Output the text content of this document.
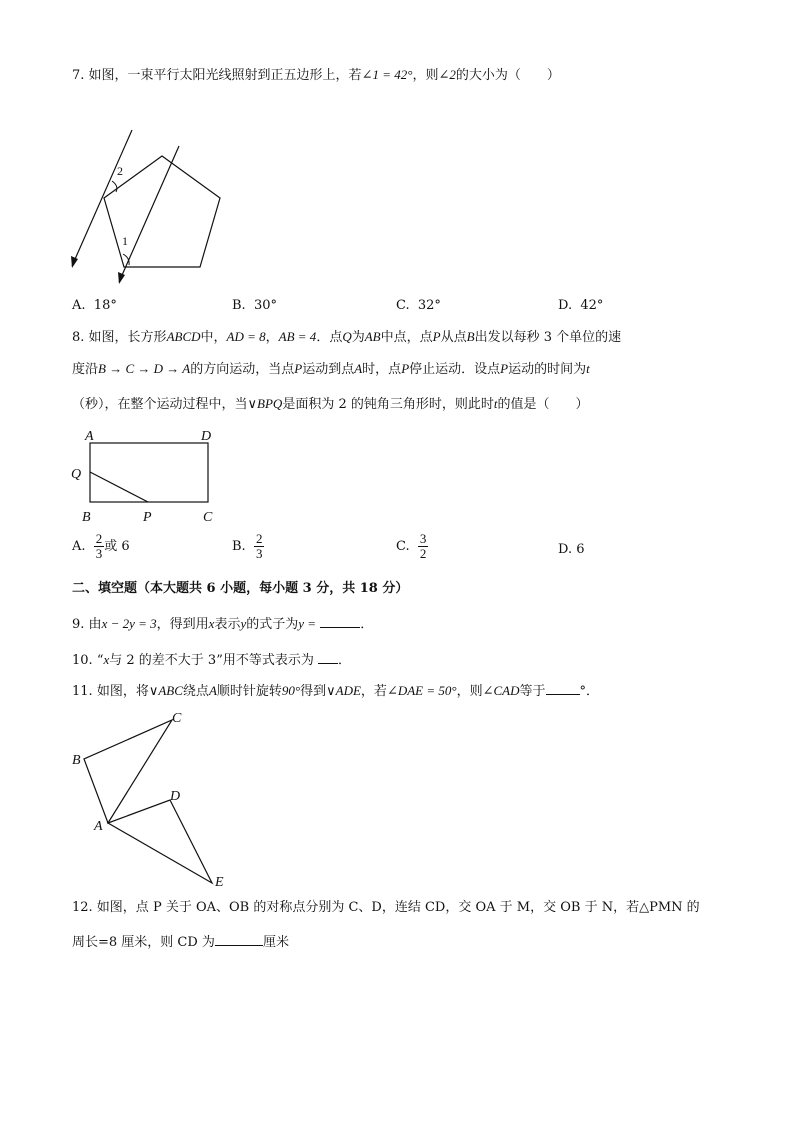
7. 如图，一束平行太阳光线照射到正五边形上，若∠1 = 42°，则∠2的大小为（　　）
2
1
A. 18°	B. 30°	C. 32°	D. 42°
8. 如图，长方形ABCD中，AD = 8，AB = 4．点Q为AB中点，点P从点B出发以每秒 3 个单位的速
度沿B → C → D → A的方向运动，当点P运动到点A时，点P停止运动．设点P运动的时间为t
（秒），在整个运动过程中，当∨BPQ是面积为 2 的钝角三角形时，则此时t的值是（　　）
A	D
Q
B	P	C
A. $\frac{2}{3}$ 或 6	B. $\frac{2}{3}$	C. $\frac{3}{2}$	D. 6
二、填空题（本大题共 6 小题，每小题 3 分，共 18 分）
9. 由x − 2y = 3，得到用x表示y的式子为y =	．
10. “x与 2 的差不大于 3”用不等式表示为 ．
11. 如图，将∨ABC绕点A顺时针旋转90°得到∨ADE，若∠DAE = 50°，则∠CAD等于	°．
C
B
D
A
E
12. 如图，点 P 关于 OA、OB 的对称点分别为 C、D，连结 CD，交 OA 于 M，交 OB 于 N，若△PMN 的
周长=8 厘米，则 CD 为	厘米
